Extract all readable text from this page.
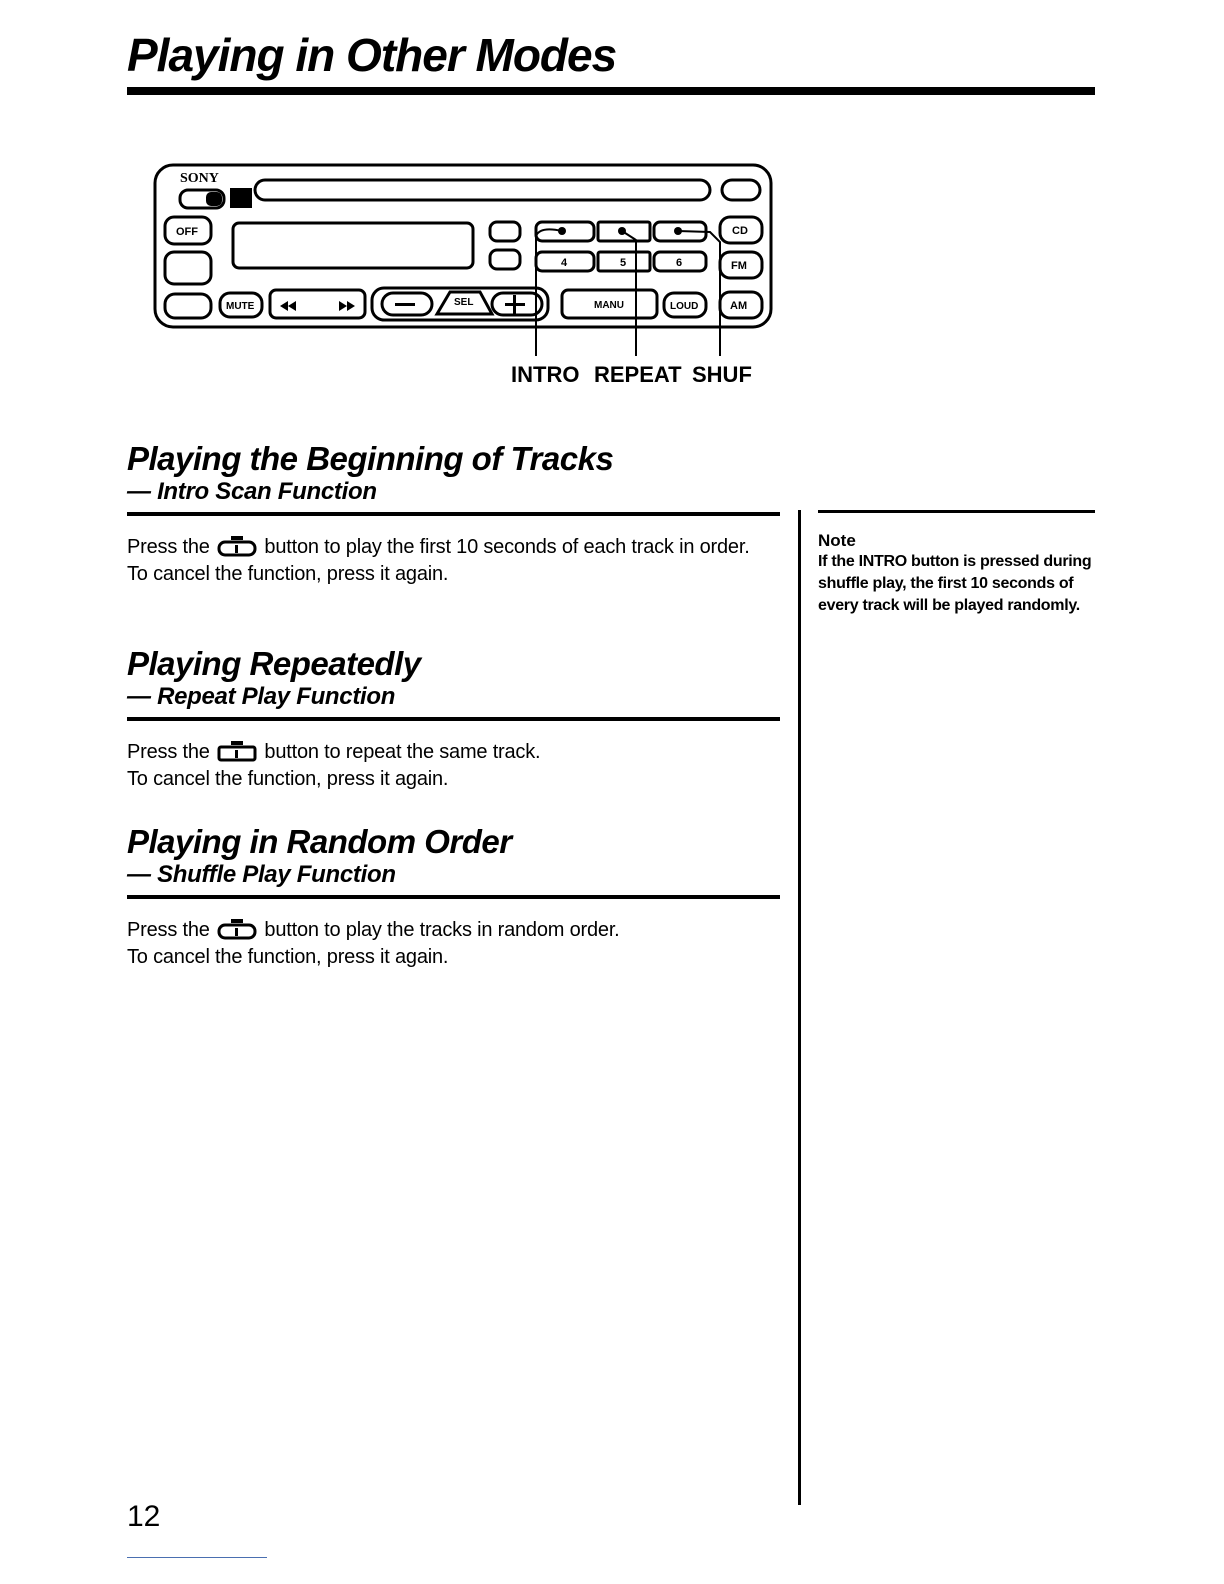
Playing in Other Modes
SONY
OFF
MUTE	LOUD
CD
FM
AM
SEL	MANU
4	5	6
INTRO REPEAT SHUF
Playing the Beginning of Tracks
— Intro Scan Function

Press the	button to play the first 10 seconds of each track in order.

To cancel the function, press it again.

Playing Repeatedly
— Repeat Play Function

Press the	button to repeat the same track.

To cancel the function, press it again.

Playing in Random Order
— Shuffle Play Function

Press the	button to play the tracks in random order.

To cancel the function, press it again.

Note
If the INTRO button is pressed during shuffle play, the first 10 seconds of every track will be played randomly.
12
